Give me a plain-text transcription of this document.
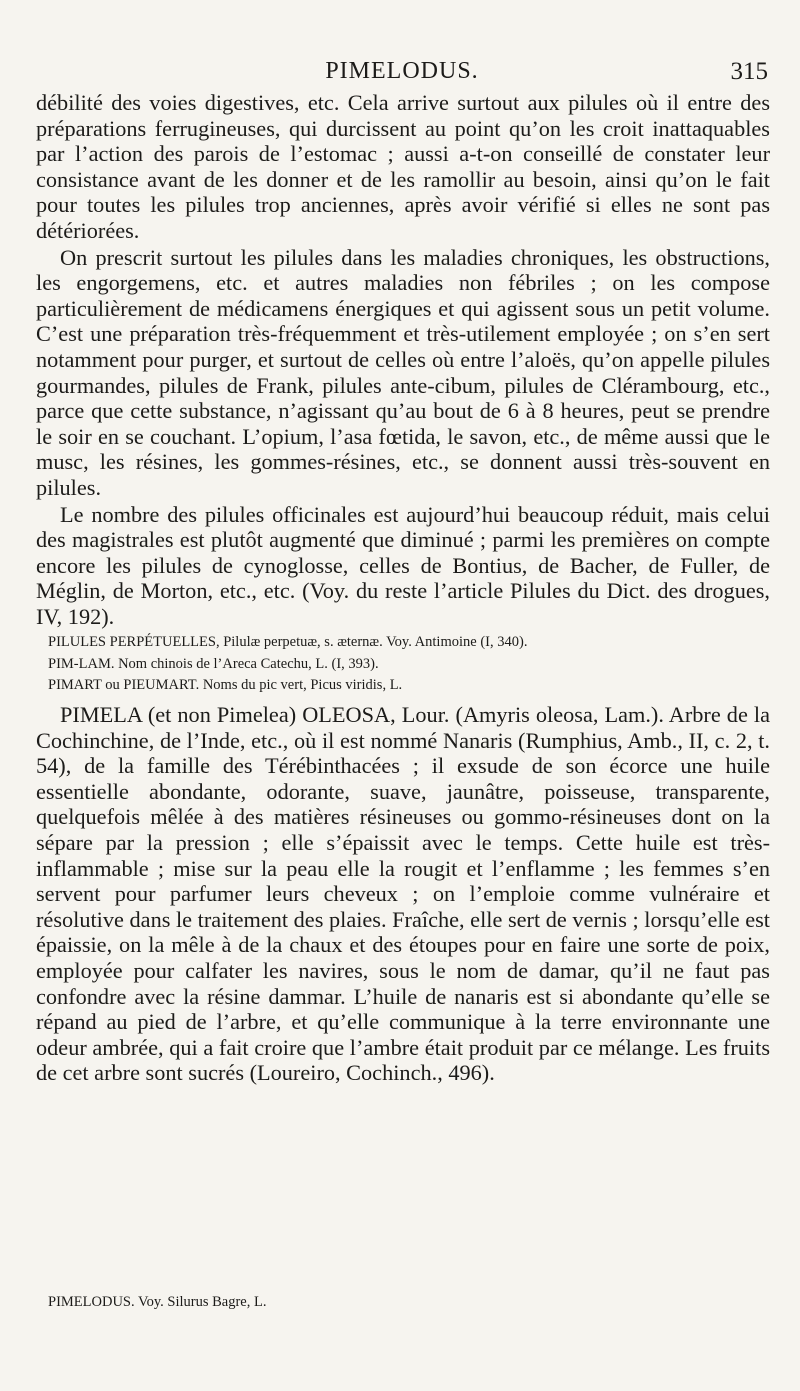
PIMELODUS.	315

débilité des voies digestives, etc. Cela arrive surtout aux pilules où il entre des préparations ferrugineuses, qui durcissent au point qu’on les croit inattaquables par l’action des parois de l’estomac ; aussi a-t-on conseillé de constater leur consistance avant de les donner et de les ramollir au besoin, ainsi qu’on le fait pour toutes les pilules trop anciennes, après avoir vérifié si elles ne sont pas détériorées.

On prescrit surtout les pilules dans les maladies chroniques, les obstructions, les engorgemens, etc. et autres maladies non fébriles ; on les compose particulièrement de médicamens énergiques et qui agissent sous un petit volume. C’est une préparation très-fréquemment et très-utilement employée ; on s’en sert notamment pour purger, et surtout de celles où entre l’aloës, qu’on appelle pilules gourmandes, pilules de Frank, pilules ante-cibum, pilules de Clérambourg, etc., parce que cette substance, n’agissant qu’au bout de 6 à 8 heures, peut se prendre le soir en se couchant. L’opium, l’asa fœtida, le savon, etc., de même aussi que le musc, les résines, les gommes-résines, etc., se donnent aussi très-souvent en pilules.

Le nombre des pilules officinales est aujourd’hui beaucoup réduit, mais celui des magistrales est plutôt augmenté que diminué ; parmi les premières on compte encore les pilules de cynoglosse, celles de Bontius, de Bacher, de Fuller, de Méglin, de Morton, etc., etc. (Voy. du reste l’article Pilules du Dict. des drogues, IV, 192).

PILULES PERPÉTUELLES, Pilulæ perpetuæ, s. æternæ. Voy. Antimoine (I, 340).

PIM-LAM. Nom chinois de l’Areca Catechu, L. (I, 393).

PIMART ou PIEUMART. Noms du pic vert, Picus viridis, L.

PIMELA (et non Pimelea) OLEOSA, Lour. (Amyris oleosa, Lam.). Arbre de la Cochinchine, de l’Inde, etc., où il est nommé Nanaris (Rumphius, Amb., II, c. 2, t. 54), de la famille des Térébinthacées ; il exsude de son écorce une huile essentielle abondante, odorante, suave, jaunâtre, poisseuse, transparente, quelquefois mêlée à des matières résineuses ou gommo-résineuses dont on la sépare par la pression ; elle s’épaissit avec le temps. Cette huile est très-inflammable ; mise sur la peau elle la rougit et l’enflamme ; les femmes s’en servent pour parfumer leurs cheveux ; on l’emploie comme vulnéraire et résolutive dans le traitement des plaies. Fraîche, elle sert de vernis ; lorsqu’elle est épaissie, on la mêle à de la chaux et des étoupes pour en faire une sorte de poix, employée pour calfater les navires, sous le nom de damar, qu’il ne faut pas confondre avec la résine dammar. L’huile de nanaris est si abondante qu’elle se répand au pied de l’arbre, et qu’elle communique à la terre environnante une odeur ambrée, qui a fait croire que l’ambre était produit par ce mélange. Les fruits de cet arbre sont sucrés (Loureiro, Cochinch., 496).

PIMELODUS. Voy. Silurus Bagre, L.
